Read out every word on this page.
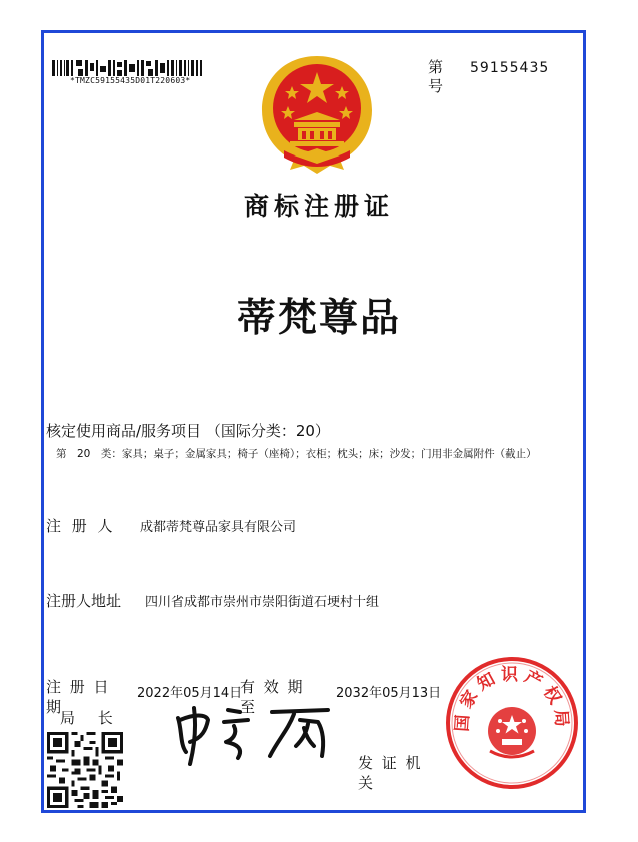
*TMZC59155435D01T220603*
第 号
59155435
商标注册证
蒂梵尊品
核定使用商品/服务项目 （国际分类：20）
第　20　类：家具；桌子；金属家具；椅子（座椅）；衣柜；枕头；床；沙发；门用非金属附件（截止）
注 册 人 成都蒂梵尊品家具有限公司
注册人地址 四川省成都市崇州市崇阳街道石埂村十组
注 册 日 期
2022年05月14日
有 效 期 至
2032年05月13日
局 长
发 证 机 关
国家知识产权局
